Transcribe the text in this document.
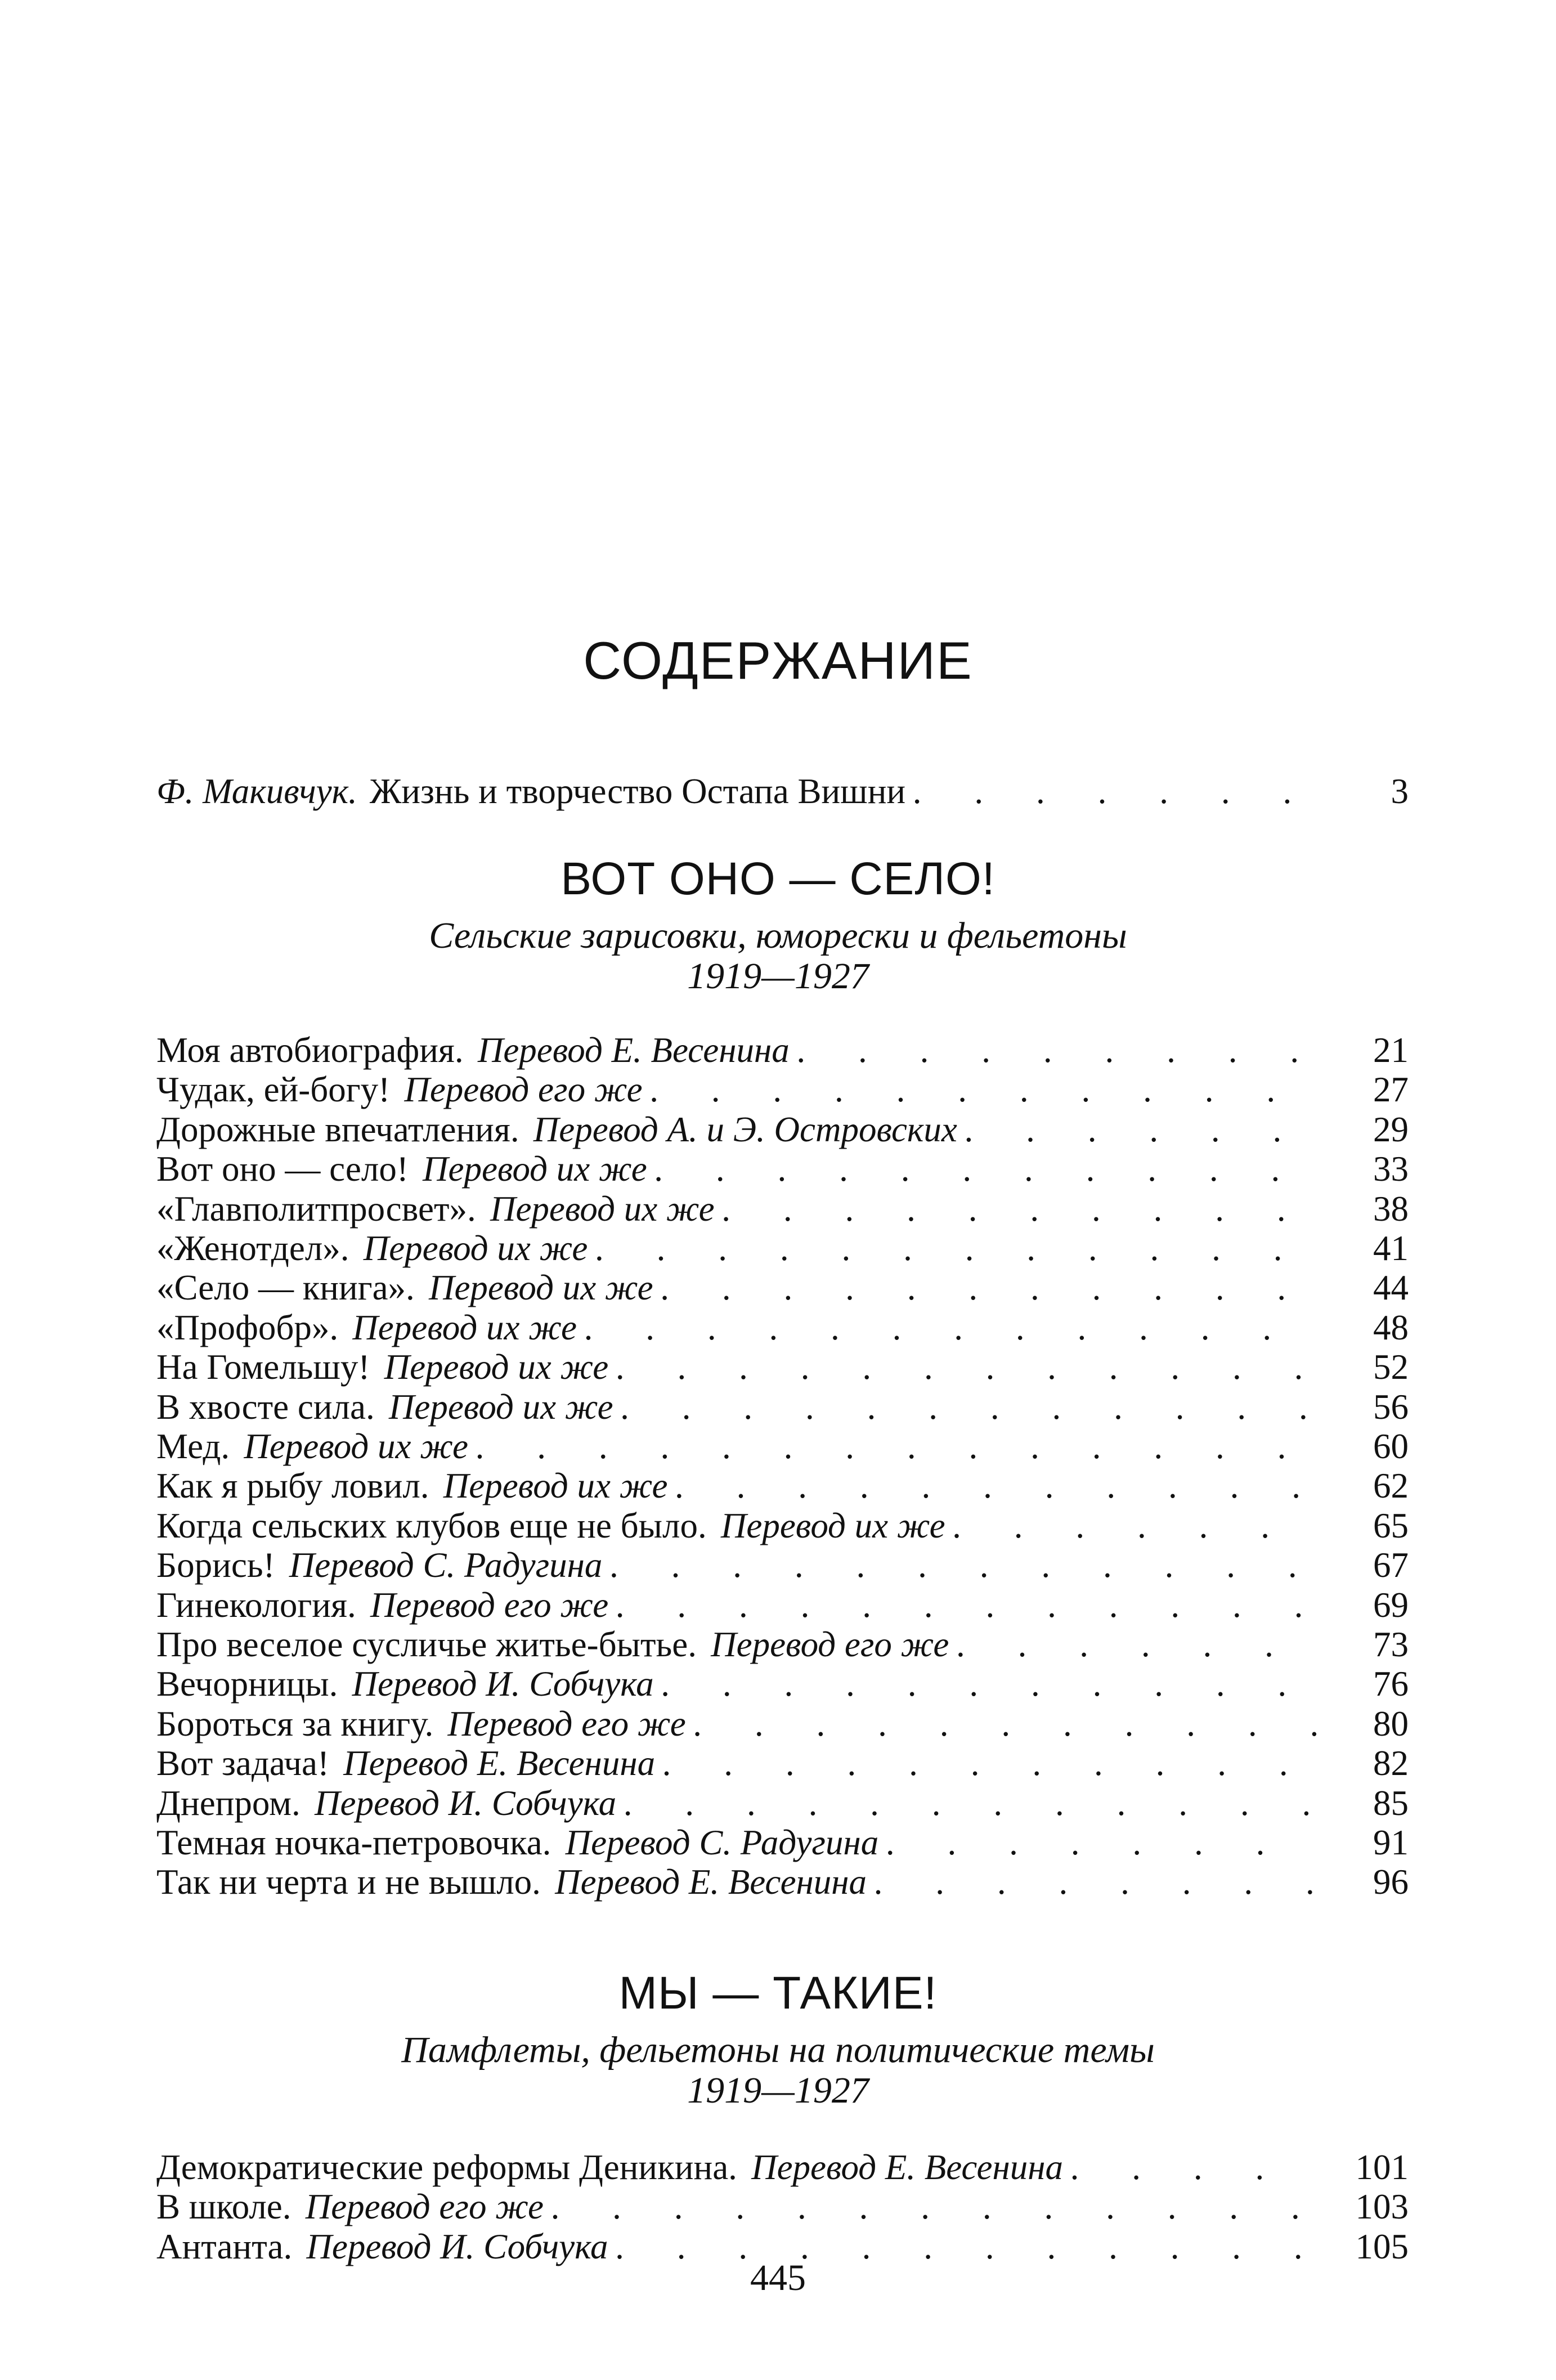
СОДЕРЖАНИЕ
Ф. Макивчук. Жизнь и творчество Остапа Вишни . . .	3
ВОТ ОНО — СЕЛО!
Сельские зарисовки, юморески и фельетоны
1919—1927
Моя автобиография. Перевод Е. Весенина . . .	21
Чудак, ей-богу! Перевод его же . . .	27
Дорожные впечатления. Перевод А. и Э. Островских . . .	29
Вот оно — село! Перевод их же . . .	33
«Главполитпросвет». Перевод их же . . .	38
«Женотдел». Перевод их же . . .	41
«Село — книга». Перевод их же . . .	44
«Профобр». Перевод их же . . .	48
На Гомельшу! Перевод их же . . .	52
В хвосте сила. Перевод их же . . .	56
Мед. Перевод их же . . .	60
Как я рыбу ловил. Перевод их же . . .	62
Когда сельских клубов еще не было. Перевод их же . . .	65
Борись! Перевод С. Радугина . . .	67
Гинекология. Перевод его же . . .	69
Про веселое сусличье житье-бытье. Перевод его же . . .	73
Вечорницы. Перевод И. Собчука . . .	76
Бороться за книгу. Перевод его же . . .	80
Вот задача! Перевод Е. Весенина . . .	82
Днепром. Перевод И. Собчука . . .	85
Темная ночка-петровочка. Перевод С. Радугина . . .	91
Так ни черта и не вышло. Перевод Е. Весенина . . .	96
МЫ — ТАКИЕ!
Памфлеты, фельетоны на политические темы
1919—1927
Демократические реформы Деникина. Перевод Е. Весенина . . .	101
В школе. Перевод его же . . .	103
Антанта. Перевод И. Собчука . . .	105
445
